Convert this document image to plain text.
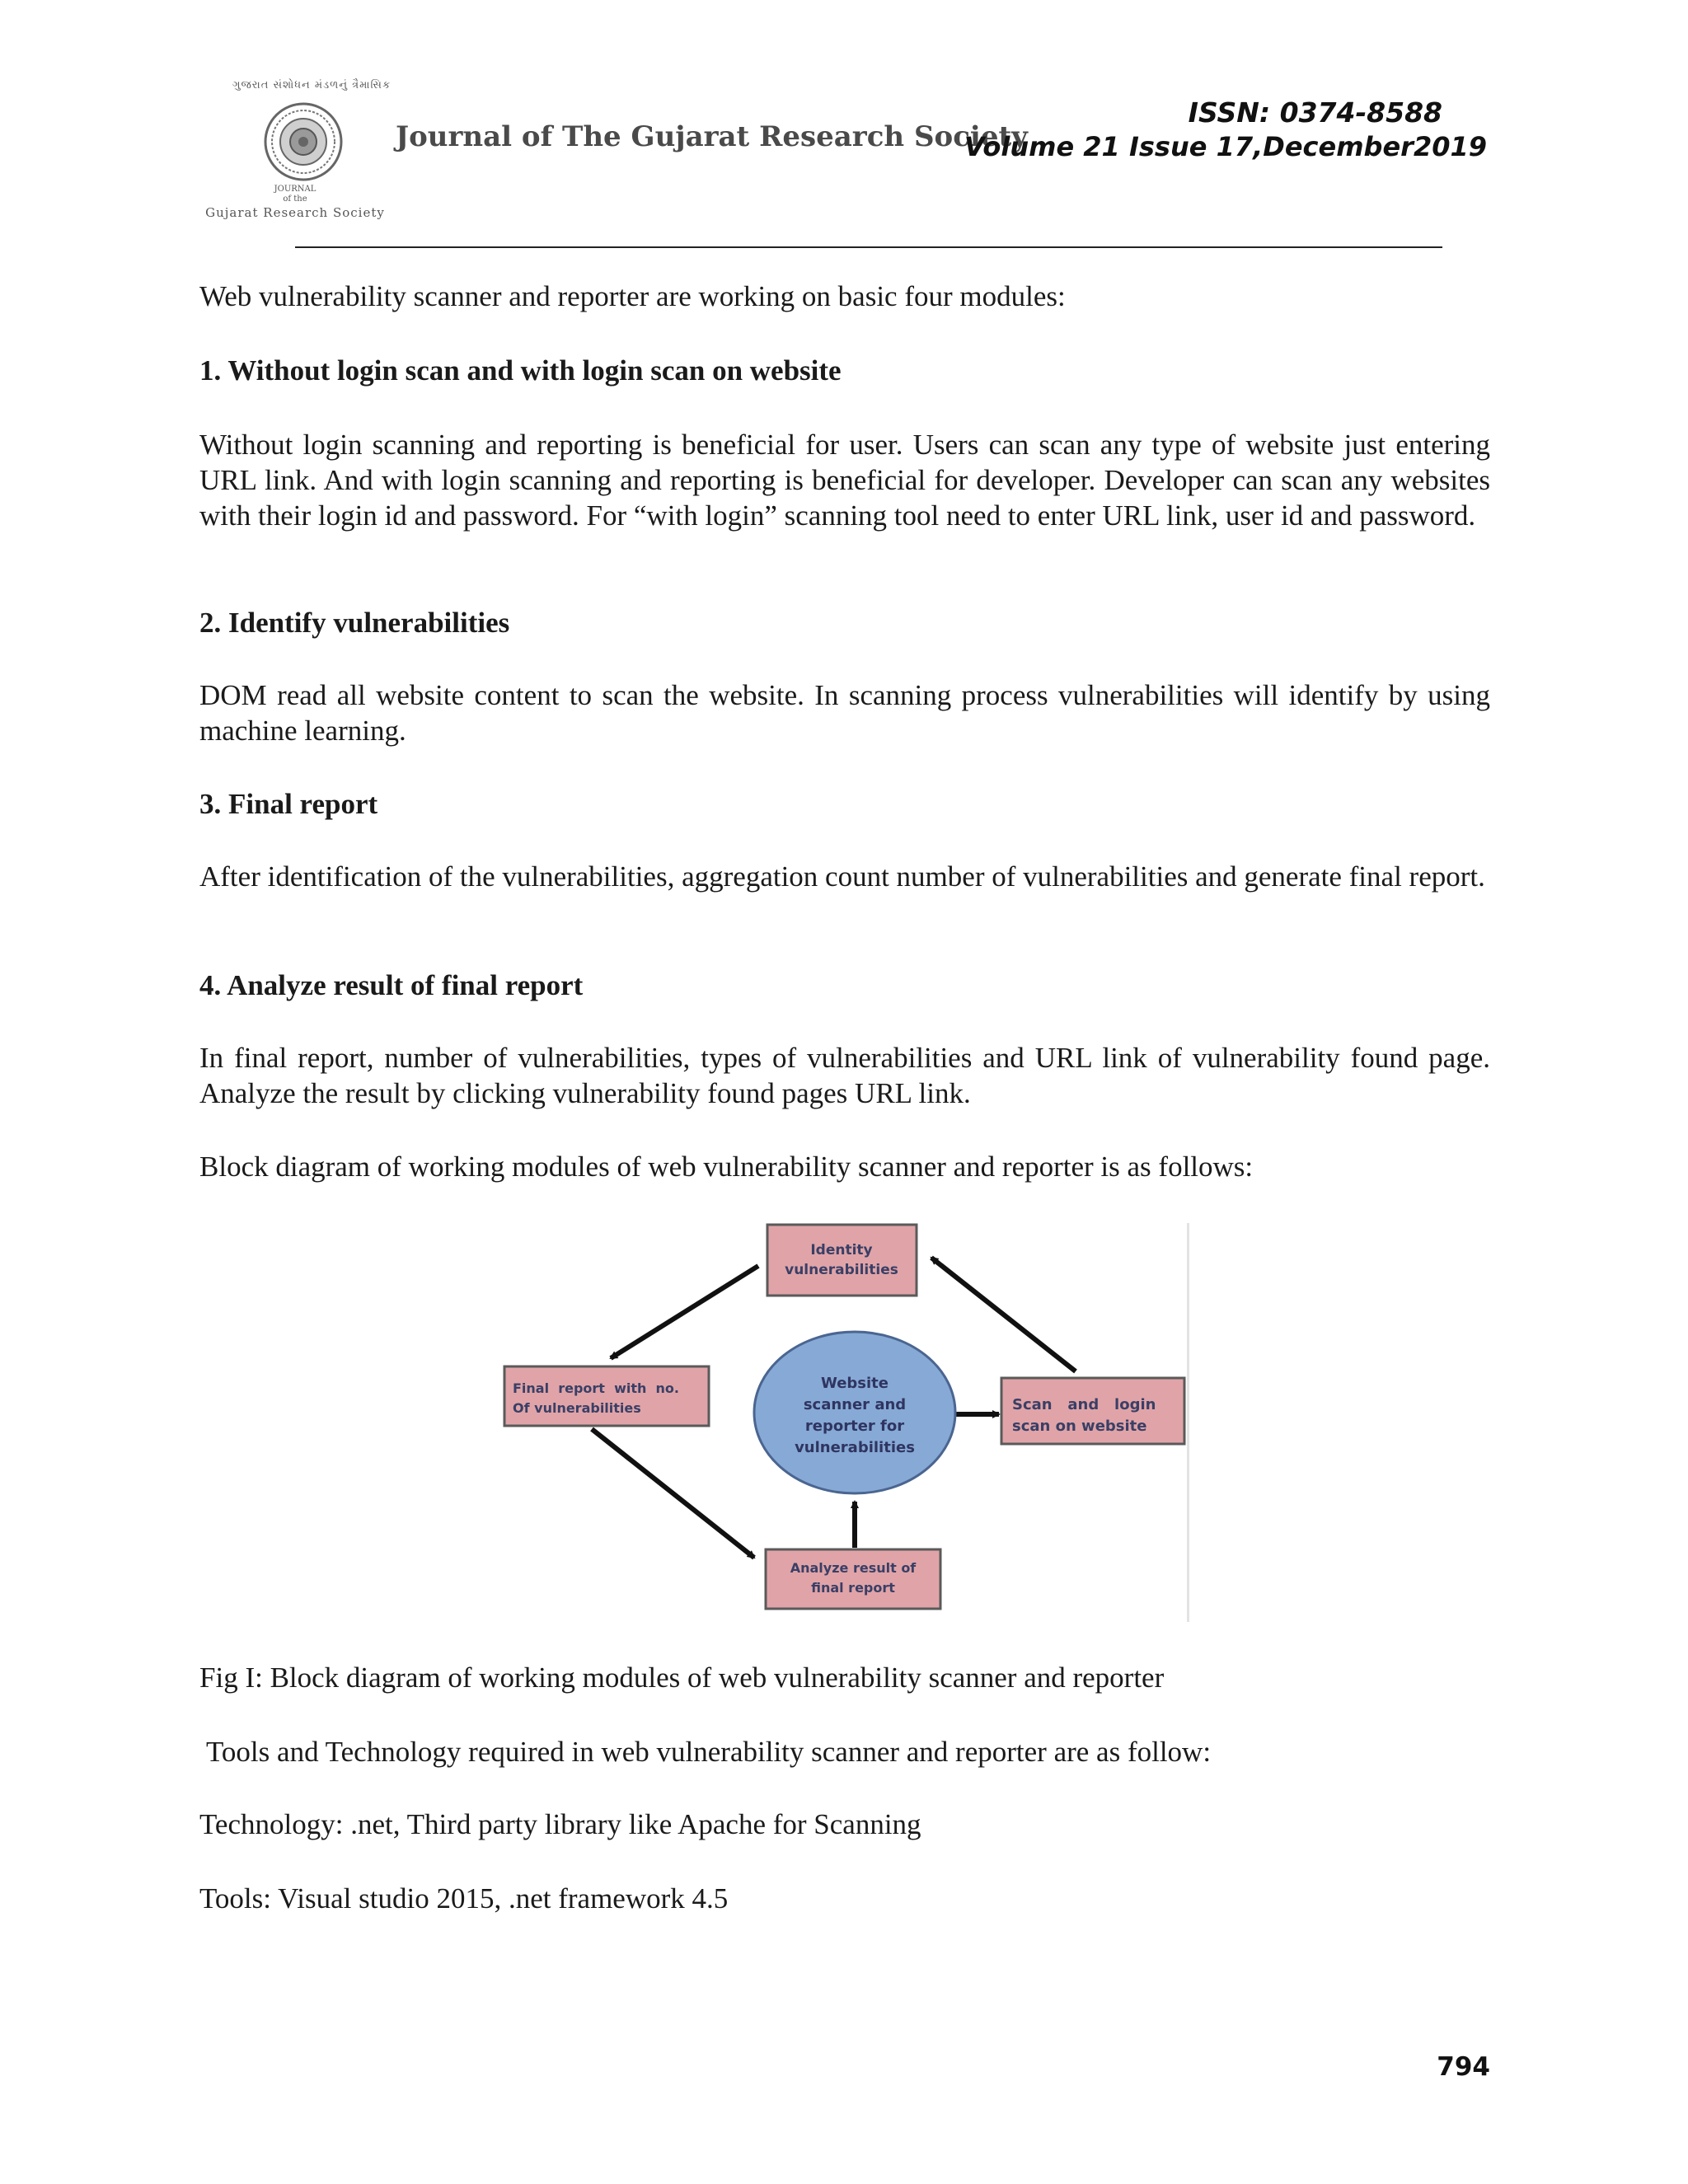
ગુજરાત સંશોધન મંડળનું ત્રૈમાસિક
JOURNAL
of the
Gujarat Research Society
Journal of The Gujarat Research Society
ISSN: 0374-8588
Volume 21 Issue 17,December2019
Web vulnerability scanner and reporter are working on basic four modules:
1. Without login scan and with login scan on website
Without login scanning and reporting is beneficial for user. Users can scan any type of website just entering URL link. And with login scanning and reporting is beneficial for developer. Developer can scan any websites with their login id and password. For “with login” scanning tool need to enter URL link, user id and password.
2. Identify vulnerabilities
DOM read all website content to scan the website. In scanning process vulnerabilities will identify by using machine learning.
3. Final report
After identification of the vulnerabilities, aggregation count number of vulnerabilities and generate final report.
4. Analyze result of final report
In final report, number of vulnerabilities, types of vulnerabilities and URL link of vulnerability found page. Analyze the result by clicking vulnerability found pages URL link.
Block diagram of working modules of web vulnerability scanner and reporter is as follows:
Identity
vulnerabilities
Final  report  with  no.
Of vulnerabilities
Website
scanner and
reporter for
vulnerabilities
Scan   and   login
scan on website
Analyze result of
final report
Fig I: Block diagram of working modules of web vulnerability scanner and reporter
Tools and Technology required in web vulnerability scanner and reporter are as follow:
Technology: .net, Third party library like Apache for Scanning
Tools: Visual studio 2015, .net framework 4.5
794
